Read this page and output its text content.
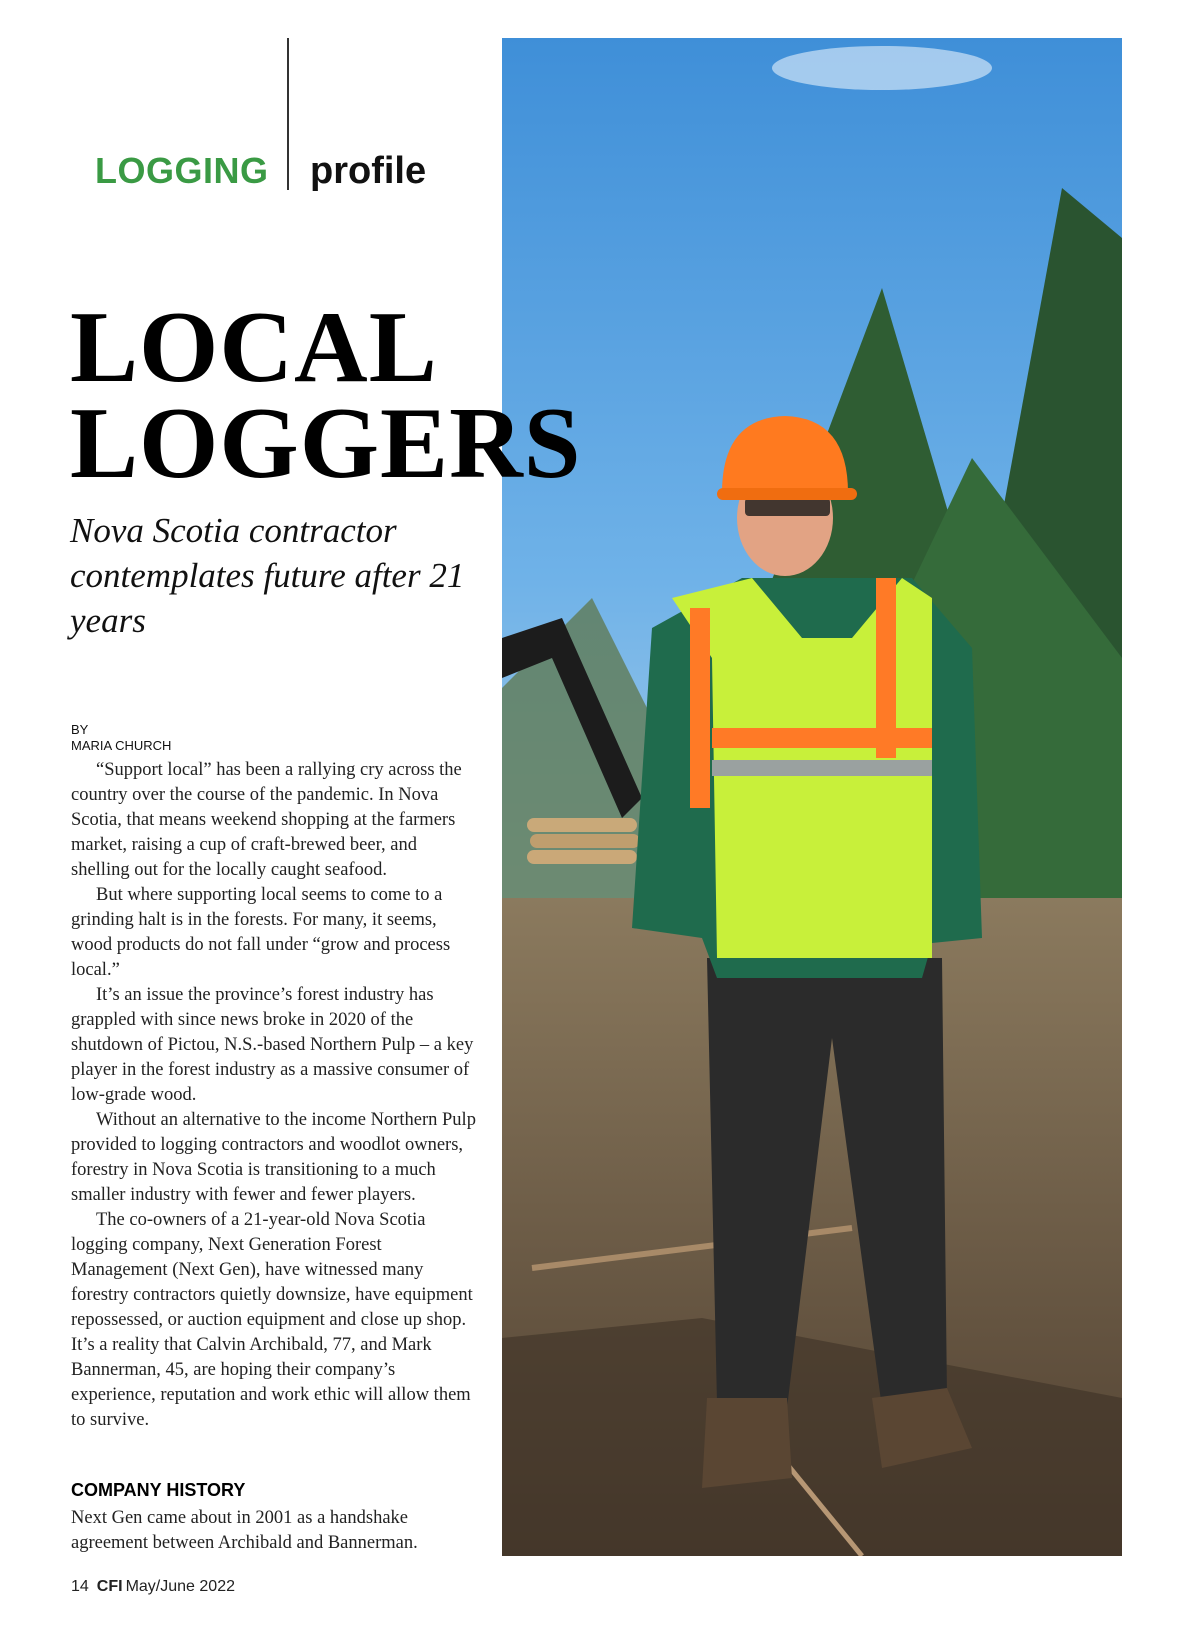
LOGGING profile
LOCAL
LOGGERS

Nova Scotia contractor contemplates future after 21 years

BY
MARIA CHURCH

“Support local” has been a rallying cry across the country over the course of the pandemic. In Nova Scotia, that means weekend shopping at the farmers market, raising a cup of craft-brewed beer, and shelling out for the locally caught seafood.

But where supporting local seems to come to a grinding halt is in the forests. For many, it seems, wood products do not fall under “grow and process local.”

It’s an issue the province’s forest industry has grappled with since news broke in 2020 of the shutdown of Pictou, N.S.-based Northern Pulp – a key player in the forest industry as a massive consumer of low-grade wood.

Without an alternative to the income Northern Pulp provided to logging contractors and woodlot owners, forestry in Nova Scotia is transitioning to a much smaller industry with fewer and fewer players.

The co-owners of a 21-year-old Nova Scotia logging company, Next Generation Forest Management (Next Gen), have witnessed many forestry contractors quietly downsize, have equipment repossessed, or auction equipment and close up shop. It’s a reality that Calvin Archibald, 77, and Mark Bannerman, 45, are hoping their company’s experience, reputation and work ethic will allow them to survive.

COMPANY HISTORY
Next Gen came about in 2001 as a handshake agreement between Archibald and Bannerman.
14 CFI May/June 2022
